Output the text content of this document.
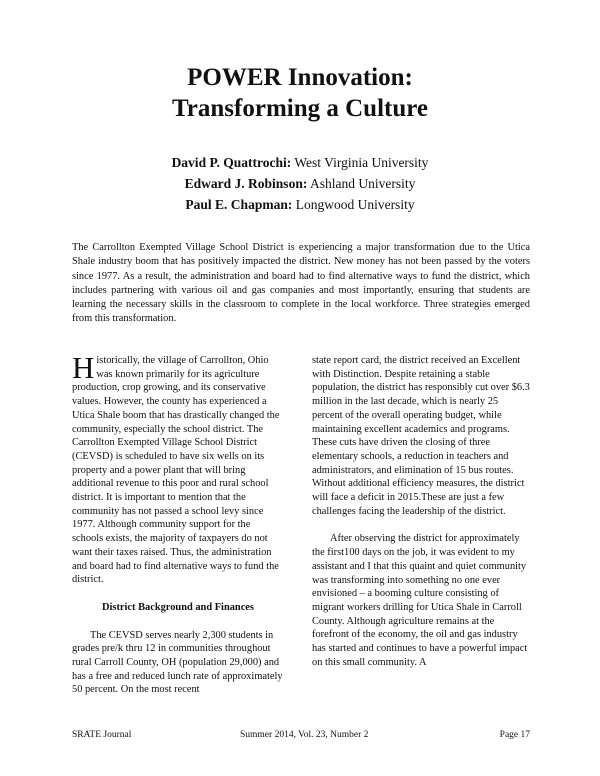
POWER Innovation:
Transforming a Culture
David P. Quattrochi: West Virginia University
Edward J. Robinson: Ashland University
Paul E. Chapman: Longwood University
The Carrollton Exempted Village School District is experiencing a major transformation due to the Utica Shale industry boom that has positively impacted the district. New money has not been passed by the voters since 1977. As a result, the administration and board had to find alternative ways to fund the district, which includes partnering with various oil and gas companies and most importantly, ensuring that students are learning the necessary skills in the classroom to complete in the local workforce. Three strategies emerged from this transformation.

Historically, the village of Carrollton, Ohio was known primarily for its agriculture production, crop growing, and its conservative values. However, the county has experienced a Utica Shale boom that has drastically changed the community, especially the school district. The Carrollton Exempted Village School District (CEVSD) is scheduled to have six wells on its property and a power plant that will bring additional revenue to this poor and rural school district. It is important to mention that the community has not passed a school levy since 1977. Although community support for the schools exists, the majority of taxpayers do not want their taxes raised. Thus, the administration and board had to find alternative ways to fund the district.

District Background and Finances

The CEVSD serves nearly 2,300 students in grades pre/k thru 12 in communities throughout rural Carroll County, OH (population 29,000) and has a free and reduced lunch rate of approximately 50 percent. On the most recent

state report card, the district received an Excellent with Distinction. Despite retaining a stable population, the district has responsibly cut over $6.3 million in the last decade, which is nearly 25 percent of the overall operating budget, while maintaining excellent academics and programs. These cuts have driven the closing of three elementary schools, a reduction in teachers and administrators, and elimination of 15 bus routes. Without additional efficiency measures, the district will face a deficit in 2015.These are just a few challenges facing the leadership of the district.

After observing the district for approximately the first100 days on the job, it was evident to my assistant and I that this quaint and quiet community was transforming into something no one ever envisioned – a booming culture consisting of migrant workers drilling for Utica Shale in Carroll County. Although agriculture remains at the forefront of the economy, the oil and gas industry has started and continues to have a powerful impact on this small community. A

SRATE Journal	Summer 2014, Vol. 23, Number 2	Page 17
